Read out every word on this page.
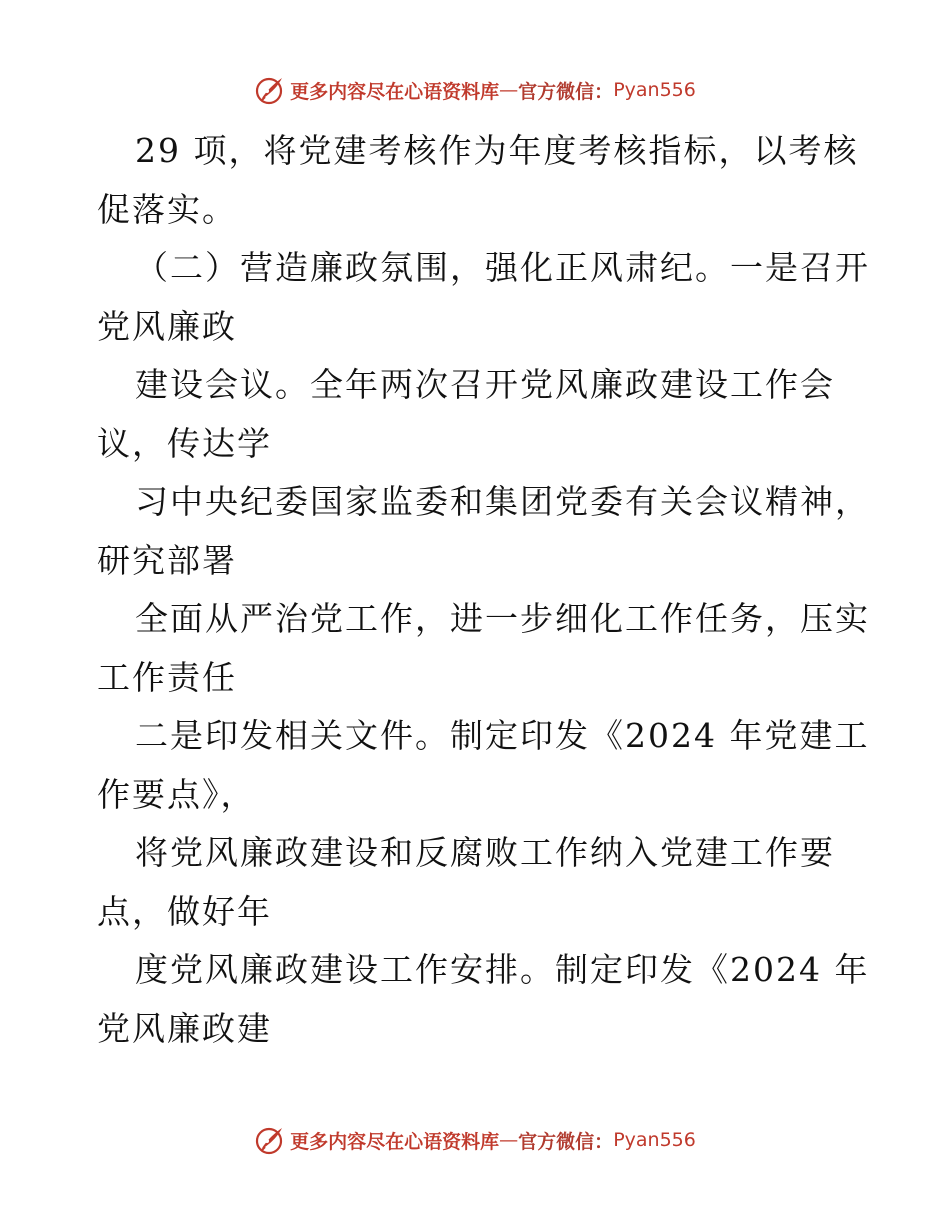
更多内容尽在心语资料库 — 官方微信： Pyan556
29 项，将党建考核作为年度考核指标，以考核
促落实。
（二）营造廉政氛围，强化正风肃纪。一是召开
党风廉政
建设会议。全年两次召开党风廉政建设工作会
议，传达学
习中央纪委国家监委和集团党委有关会议精神，
研究部署
全面从严治党工作，进一步细化工作任务，压实
工作责任
二是印发相关文件。制定印发《2024 年党建工
作要点》，
将党风廉政建设和反腐败工作纳入党建工作要
点，做好年
度党风廉政建设工作安排。制定印发《2024 年
党风廉政建
更多内容尽在心语资料库 — 官方微信： Pyan556
